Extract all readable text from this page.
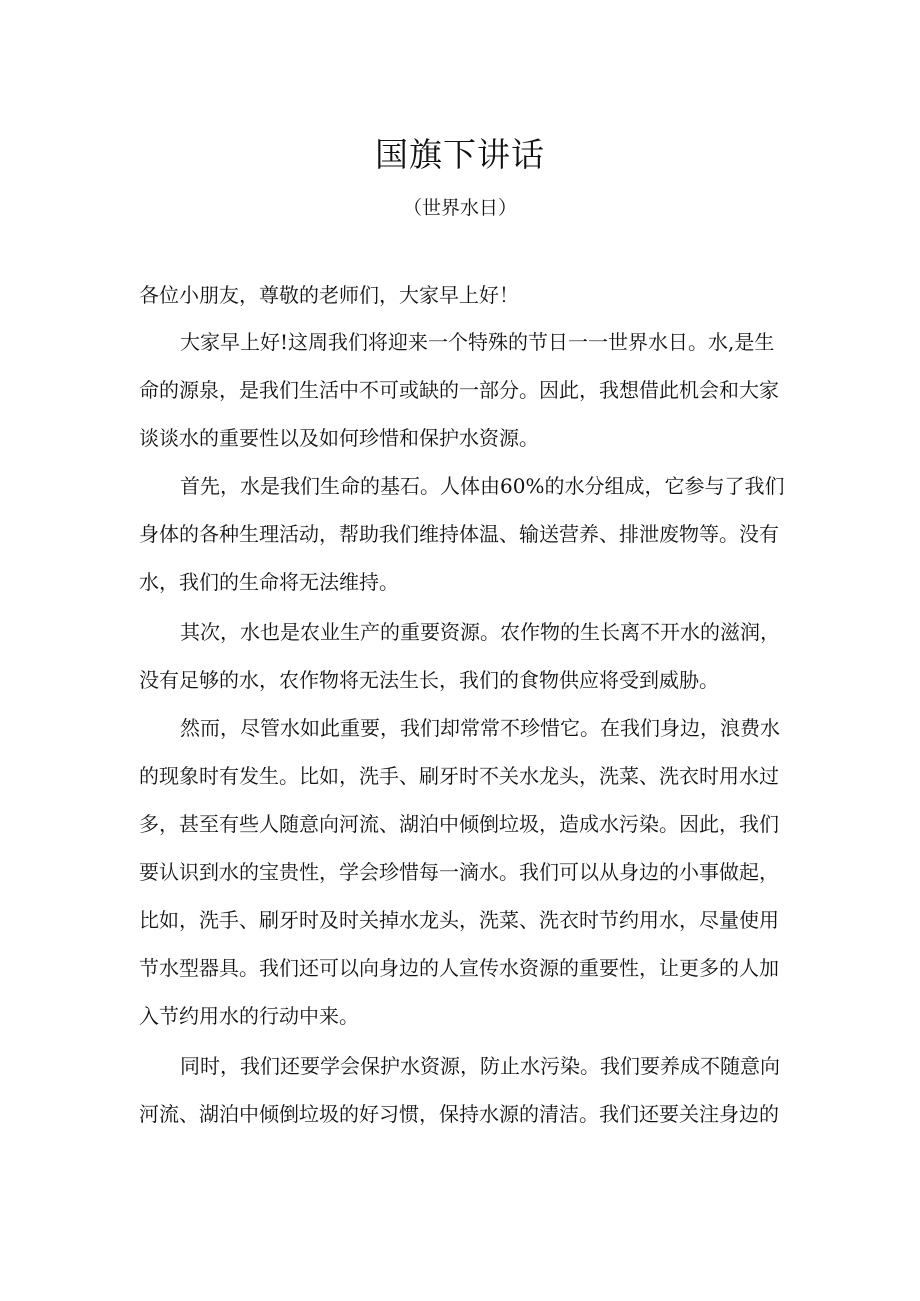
国旗下讲话

（世界水日）

各位小朋友，尊敬的老师们，大家早上好！

大家早上好!这周我们将迎来一个特殊的节日一一世界水日。水,是生

命的源泉，是我们生活中不可或缺的一部分。因此，我想借此机会和大家

谈谈水的重要性以及如何珍惜和保护水资源。

首先，水是我们生命的基石。人体由60%的水分组成，它参与了我们

身体的各种生理活动，帮助我们维持体温、输送营养、排泄废物等。没有

水，我们的生命将无法维持。

其次，水也是农业生产的重要资源。农作物的生长离不开水的滋润，

没有足够的水，农作物将无法生长，我们的食物供应将受到威胁。

然而，尽管水如此重要，我们却常常不珍惜它。在我们身边，浪费水

的现象时有发生。比如，洗手、刷牙时不关水龙头，洗菜、洗衣时用水过

多，甚至有些人随意向河流、湖泊中倾倒垃圾，造成水污染。因此，我们

要认识到水的宝贵性，学会珍惜每一滴水。我们可以从身边的小事做起，

比如，洗手、刷牙时及时关掉水龙头，洗菜、洗衣时节约用水，尽量使用

节水型器具。我们还可以向身边的人宣传水资源的重要性，让更多的人加

入节约用水的行动中来。

同时，我们还要学会保护水资源，防止水污染。我们要养成不随意向

河流、湖泊中倾倒垃圾的好习惯，保持水源的清洁。我们还要关注身边的
